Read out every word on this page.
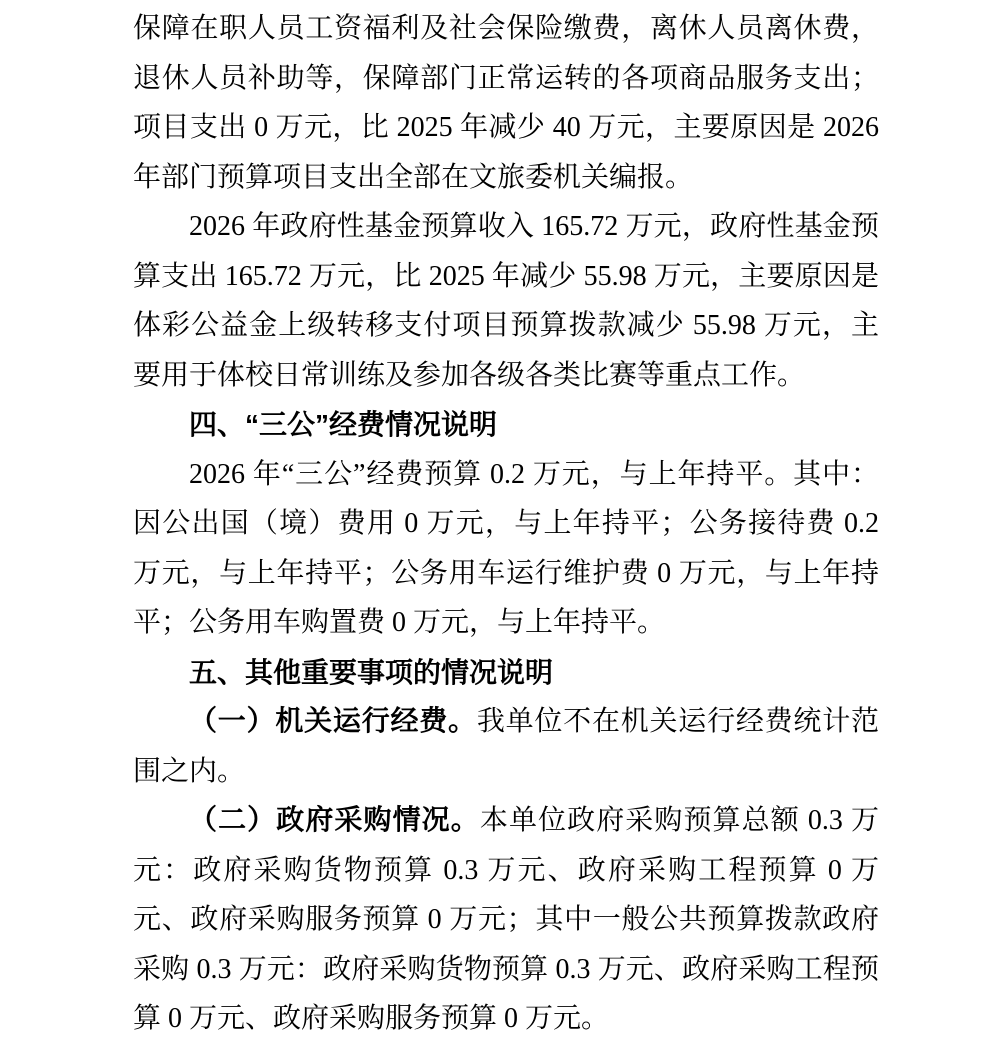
保障在职人员工资福利及社会保险缴费，离休人员离休费，退休人员补助等，保障部门正常运转的各项商品服务支出；项目支出 0 万元，比 2025 年减少 40 万元，主要原因是 2026 年部门预算项目支出全部在文旅委机关编报。

2026 年政府性基金预算收入 165.72 万元，政府性基金预算支出 165.72 万元，比 2025 年减少 55.98 万元，主要原因是体彩公益金上级转移支付项目预算拨款减少 55.98 万元，主要用于体校日常训练及参加各级各类比赛等重点工作。

四、“三公”经费情况说明

2026 年“三公”经费预算 0.2 万元，与上年持平。其中：因公出国（境）费用 0 万元，与上年持平；公务接待费 0.2 万元，与上年持平；公务用车运行维护费 0 万元，与上年持平；公务用车购置费 0 万元，与上年持平。

五、其他重要事项的情况说明

（一）机关运行经费。我单位不在机关运行经费统计范围之内。

（二）政府采购情况。本单位政府采购预算总额 0.3 万元：政府采购货物预算 0.3 万元、政府采购工程预算 0 万元、政府采购服务预算 0 万元；其中一般公共预算拨款政府采购 0.3 万元：政府采购货物预算 0.3 万元、政府采购工程预算 0 万元、政府采购服务预算 0 万元。
